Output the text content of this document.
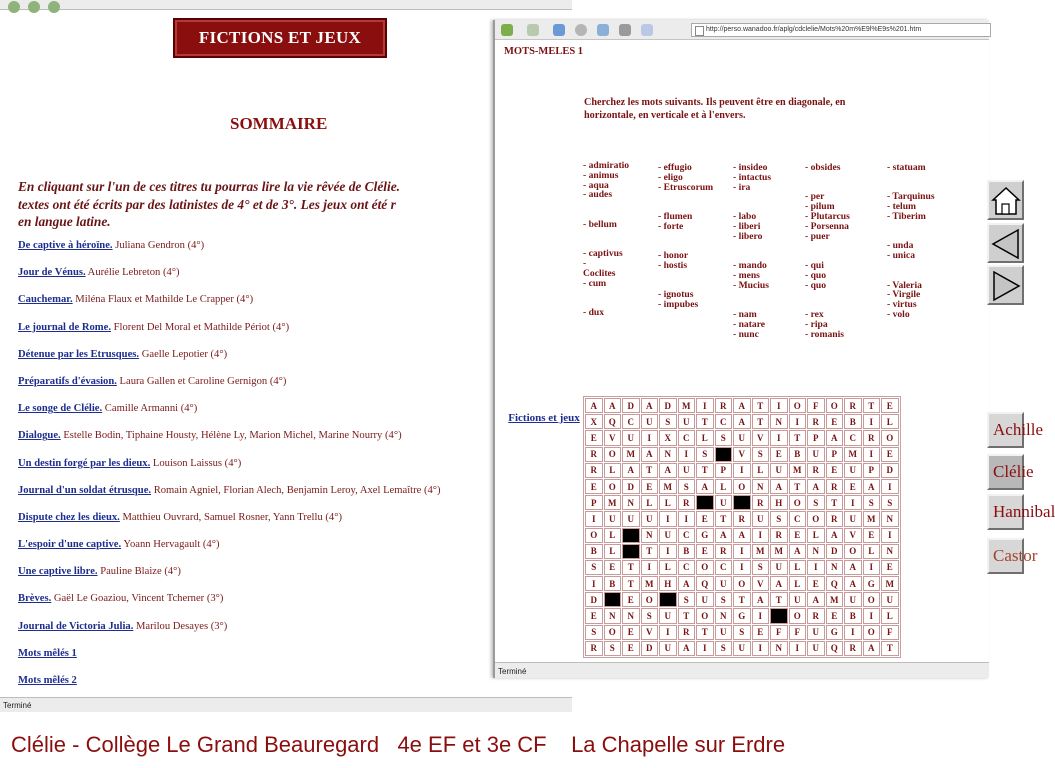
FICTIONS ET JEUX
SOMMAIRE
En cliquant sur l'un de ces titres tu pourras lire la vie rêvée de Clélie.
textes ont été écrits par des latinistes de 4° et de 3°. Les jeux ont été r
en langue latine.
De captive à héroïne. Juliana Gendron (4°)
Jour de Vénus. Aurélie Lebreton (4°)
Cauchemar. Miléna Flaux et Mathilde Le Crapper (4°)
Le journal de Rome. Florent Del Moral et Mathilde Périot (4°)
Détenue par les Etrusques. Gaelle Lepotier (4°)
Préparatifs d'évasion. Laura Gallen et Caroline Gernigon (4°)
Le songe de Clélie. Camille Armanni (4°)
Dialogue. Estelle Bodin, Tiphaine Housty, Hélène Ly, Marion Michel, Marine Nourry (4°)
Un destin forgé par les dieux. Louison Laissus (4°)
Journal d'un soldat étrusque. Romain Agniel, Florian Alech, Benjamin Leroy, Axel Lemaître (4°)
Dispute chez les dieux. Matthieu Ouvrard, Samuel Rosner, Yann Trellu (4°)
L'espoir d'une captive. Yoann Hervagault (4°)
Une captive libre. Pauline Blaize (4°)
Brèves. Gaël Le Goaziou, Vincent Tcherner (3°)
Journal de Victoria Julia. Marilou Desayes (3°)
Mots mêlés 1
Mots mêlés 2
Terminé
http://perso.wanadoo.fr/aplg/cdclelie/Mots%20m%E9l%E9s%201.htm
MOTS-MELES 1
Cherchez les mots suivants. Ils peuvent être en diagonale, en
horizontale, en verticale et à l'envers.
- admiratio
- animus
- aqua
- audes

- bellum

- captivus
-
Coclites
- cum

- dux
- effugio
- eligo
- Etruscorum

- flumen
- forte

- honor
- hostis

- ignotus
- impubes
- insideo
- intactus
- ira

- labo
- liberi
- libero

- mando
- mens
- Mucius

- nam
- natare
- nunc
- obsides

- per
- pilum
- Plutarcus
- Porsenna
- puer

- qui
- quo
- quo

- rex
- ripa
- romanis
- statuam

- Tarquinus
- telum
- Tiberim

- unda
- unica

- Valeria
- Virgile
- virtus
- volo
Fictions et jeux
A	A	D	A	D	M	I	R	A	T	I	O	F	O	R	T	E
X	Q	C	U	S	U	T	C	A	T	N	I	R	E	B	I	L
E	V	U	I	X	C	L	S	U	V	I	T	P	A	C	R	O
R	O	M	A	N	I	S		V	S	E	B	U	P	M	I	E
R	L	A	T	A	U	T	P	I	L	U	M	R	E	U	P	D
E	O	D	E	M	S	A	L	O	N	A	T	A	R	E	A	I
P	M	N	L	L	R		U		R	H	O	S	T	I	S	S
I	U	U	U	I	I	E	T	R	U	S	C	O	R	U	M	N
O	L		N	U	C	G	A	A	I	R	E	L	A	V	E	I
B	L		T	I	B	E	R	I	M	M	A	N	D	O	L	N
S	E	T	I	L	C	O	C	I	S	U	L	I	N	A	I	E
I	B	T	M	H	A	Q	U	O	V	A	L	E	Q	A	G	M
D		E	O		S	U	S	T	A	T	U	A	M	U	O	U
E	N	N	S	U	T	O	N	G	I		O	R	E	B	I	L
S	O	E	V	I	R	T	U	S	E	F	F	U	G	I	O	F
R	S	E	D	U	A	I	S	U	I	N	I	U	Q	R	A	T
Terminé
Achille
Clélie
Hannibal
Castor
Clélie - Collège Le Grand Beauregard   4e EF et 3e CF    La Chapelle sur Erdre
